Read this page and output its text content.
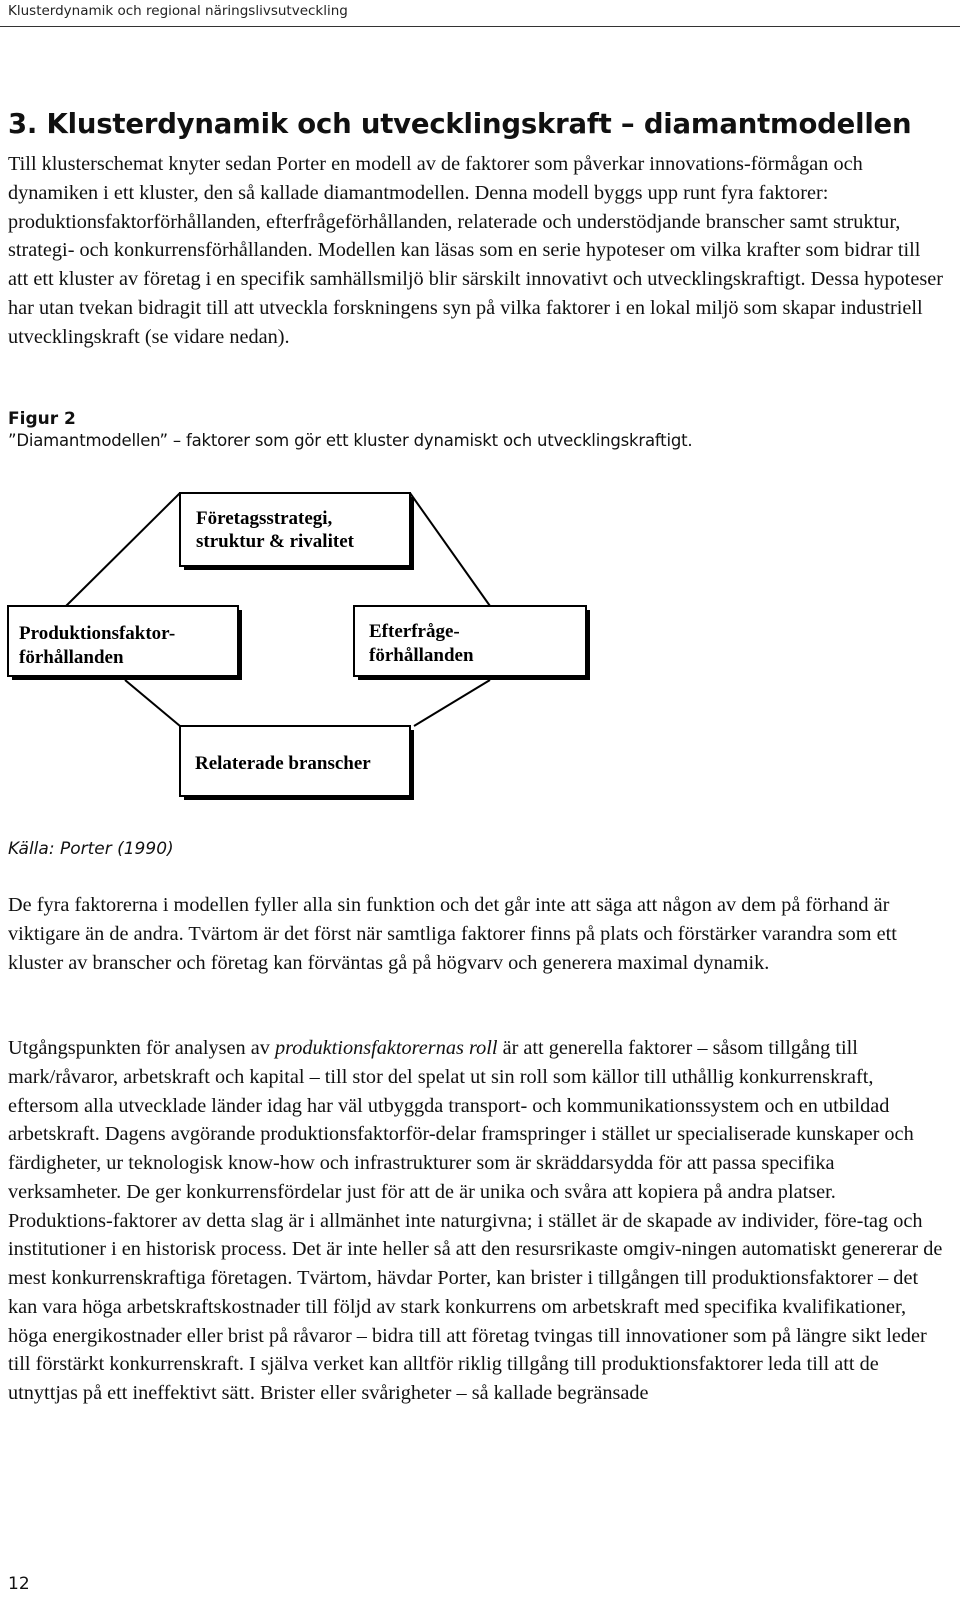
Klusterdynamik och regional näringslivsutveckling
3. Klusterdynamik och utvecklingskraft – diamantmodellen

Till klusterschemat knyter sedan Porter en modell av de faktorer som påverkar innovations-förmågan och dynamiken i ett kluster, den så kallade diamantmodellen. Denna modell byggs upp runt fyra faktorer: produktionsfaktorförhållanden, efterfrågeförhållanden, relaterade och understödjande branscher samt struktur, strategi- och konkurrensförhållanden. Modellen kan läsas som en serie hypoteser om vilka krafter som bidrar till att ett kluster av företag i en specifik samhällsmiljö blir särskilt innovativt och utvecklingskraftigt. Dessa hypoteser har utan tvekan bidragit till att utveckla forskningens syn på vilka faktorer i en lokal miljö som skapar industriell utvecklingskraft (se vidare nedan).

Figur 2
”Diamantmodellen” – faktorer som gör ett kluster dynamiskt och utvecklingskraftigt.
Företagsstrategi,
struktur & rivalitet
Produktionsfaktor-
förhållanden
Efterfråge-
förhållanden
Relaterade branscher
Källa: Porter (1990)

De fyra faktorerna i modellen fyller alla sin funktion och det går inte att säga att någon av dem på förhand är viktigare än de andra. Tvärtom är det först när samtliga faktorer finns på plats och förstärker varandra som ett kluster av branscher och företag kan förväntas gå på högvarv och generera maximal dynamik.

Utgångspunkten för analysen av produktionsfaktorernas roll är att generella faktorer – såsom tillgång till mark/råvaror, arbetskraft och kapital – till stor del spelat ut sin roll som källor till uthållig konkurrenskraft, eftersom alla utvecklade länder idag har väl utbyggda transport- och kommunikationssystem och en utbildad arbetskraft. Dagens avgörande produktionsfaktorför-delar framspringer i stället ur specialiserade kunskaper och färdigheter, ur teknologisk know-how och infrastrukturer som är skräddarsydda för att passa specifika verksamheter. De ger konkurrensfördelar just för att de är unika och svåra att kopiera på andra platser. Produktions-faktorer av detta slag är i allmänhet inte naturgivna; i stället är de skapade av individer, före-tag och institutioner i en historisk process. Det är inte heller så att den resursrikaste omgiv-ningen automatiskt genererar de mest konkurrenskraftiga företagen. Tvärtom, hävdar Porter, kan brister i tillgången till produktionsfaktorer – det kan vara höga arbetskraftskostnader till följd av stark konkurrens om arbetskraft med specifika kvalifikationer, höga energikostnader eller brist på råvaror – bidra till att företag tvingas till innovationer som på längre sikt leder till förstärkt konkurrenskraft. I själva verket kan alltför riklig tillgång till produktionsfaktorer leda till att de utnyttjas på ett ineffektivt sätt. Brister eller svårigheter – så kallade begränsade

12
